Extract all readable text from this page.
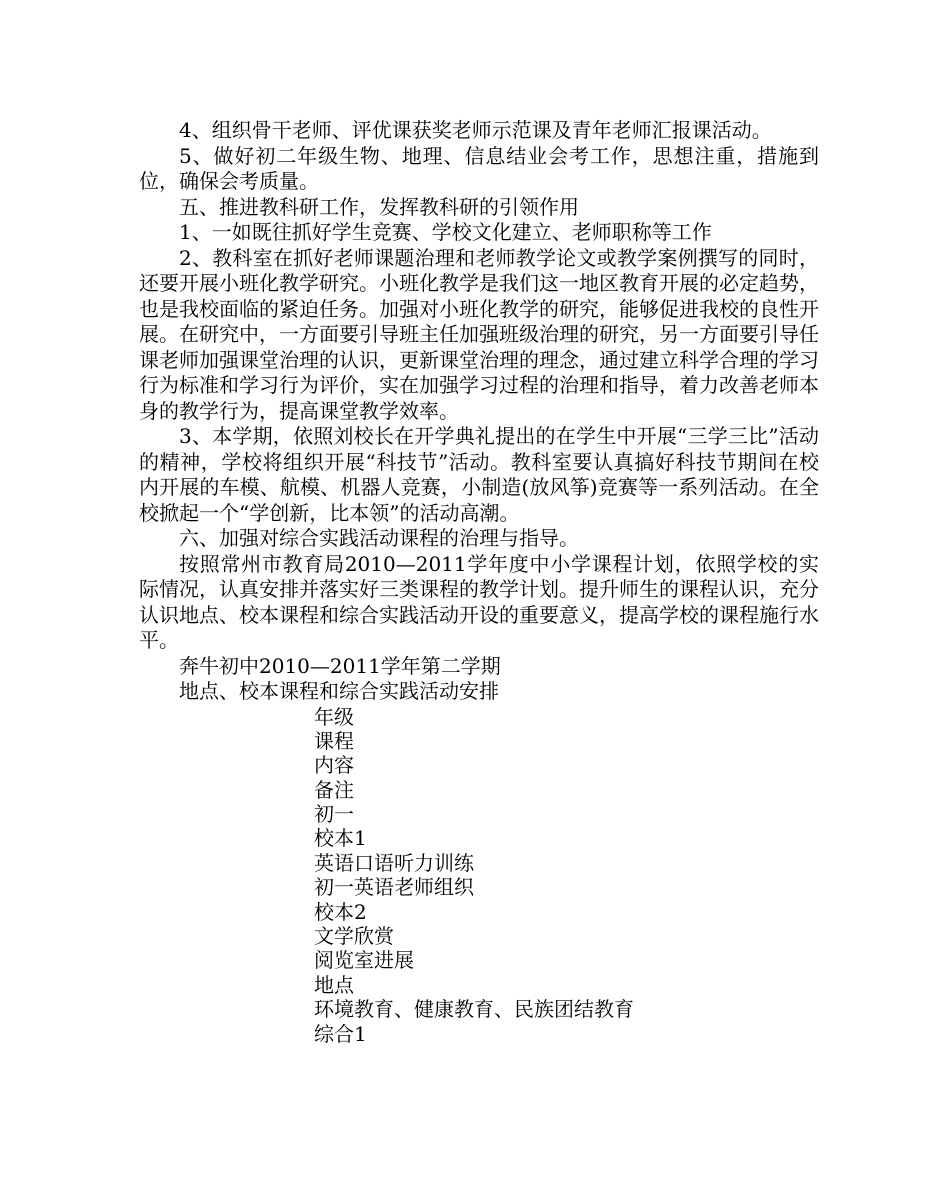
4、组织骨干老师、评优课获奖老师示范课及青年老师汇报课活动。

5、做好初二年级生物、地理、信息结业会考工作，思想注重，措施到位，确保会考质量。

五、推进教科研工作，发挥教科研的引领作用

1、一如既往抓好学生竞赛、学校文化建立、老师职称等工作

2、教科室在抓好老师课题治理和老师教学论文或教学案例撰写的同时，还要开展小班化教学研究。小班化教学是我们这一地区教育开展的必定趋势，也是我校面临的紧迫任务。加强对小班化教学的研究，能够促进我校的良性开展。在研究中，一方面要引导班主任加强班级治理的研究，另一方面要引导任课老师加强课堂治理的认识，更新课堂治理的理念，通过建立科学合理的学习行为标准和学习行为评价，实在加强学习过程的治理和指导，着力改善老师本身的教学行为，提高课堂教学效率。

3、本学期，依照刘校长在开学典礼提出的在学生中开展“三学三比”活动的精神，学校将组织开展“科技节”活动。教科室要认真搞好科技节期间在校内开展的车模、航模、机器人竞赛，小制造(放风筝)竞赛等一系列活动。在全校掀起一个“学创新，比本领”的活动高潮。

六、加强对综合实践活动课程的治理与指导。

按照常州市教育局2010—2011学年度中小学课程计划，依照学校的实际情况，认真安排并落实好三类课程的教学计划。提升师生的课程认识，充分认识地点、校本课程和综合实践活动开设的重要意义，提高学校的课程施行水平。

奔牛初中2010—2011学年第二学期

地点、校本课程和综合实践活动安排

年级
课程
内容
备注
初一
校本1
英语口语听力训练
初一英语老师组织
校本2
文学欣赏
阅览室进展
地点
环境教育、健康教育、民族团结教育
综合1
